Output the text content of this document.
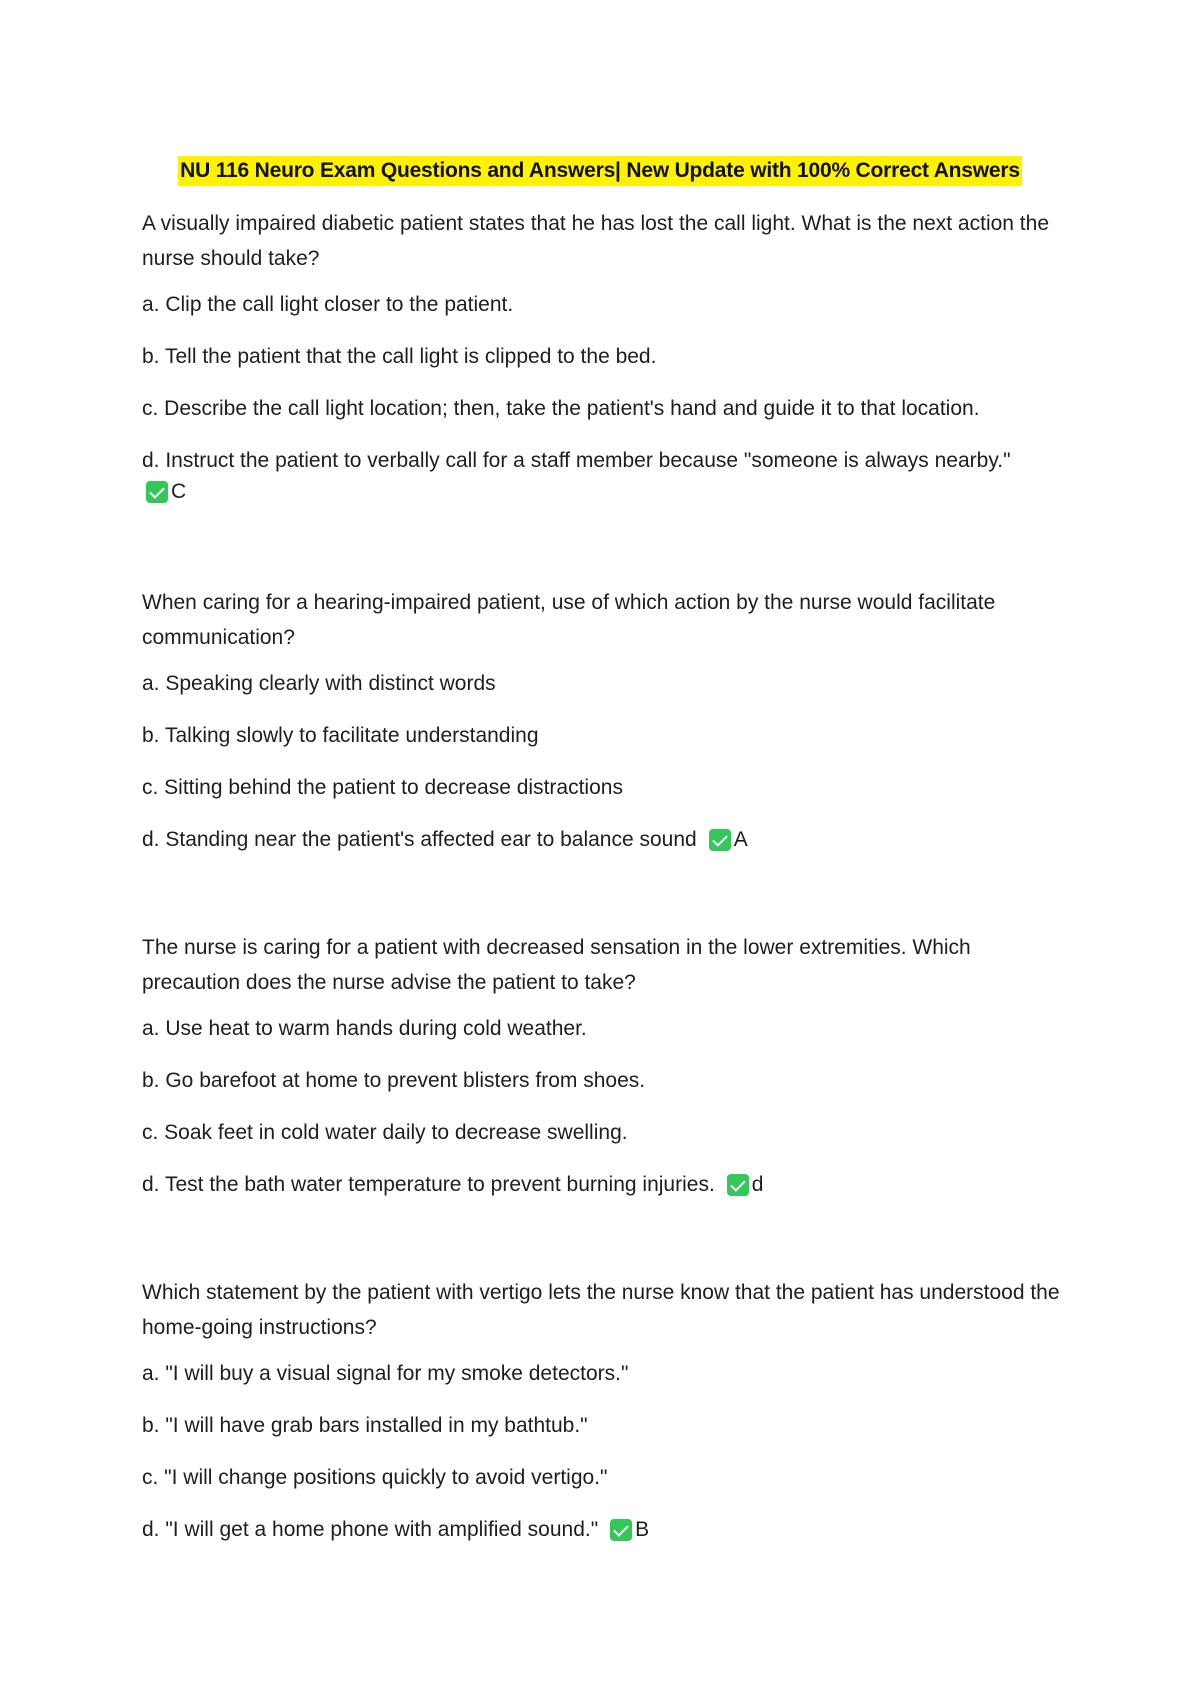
NU 116 Neuro Exam Questions and Answers| New Update with 100% Correct Answers

A visually impaired diabetic patient states that he has lost the call light. What is the next action the nurse should take?

a. Clip the call light closer to the patient.

b. Tell the patient that the call light is clipped to the bed.

c. Describe the call light location; then, take the patient's hand and guide it to that location.

d. Instruct the patient to verbally call for a staff member because "someone is always nearby."

C

When caring for a hearing-impaired patient, use of which action by the nurse would facilitate communication?

a. Speaking clearly with distinct words

b. Talking slowly to facilitate understanding

c. Sitting behind the patient to decrease distractions

d. Standing near the patient's affected ear to balance sound A

The nurse is caring for a patient with decreased sensation in the lower extremities. Which precaution does the nurse advise the patient to take?

a. Use heat to warm hands during cold weather.

b. Go barefoot at home to prevent blisters from shoes.

c. Soak feet in cold water daily to decrease swelling.

d. Test the bath water temperature to prevent burning injuries. d

Which statement by the patient with vertigo lets the nurse know that the patient has understood the home-going instructions?

a. "I will buy a visual signal for my smoke detectors."

b. "I will have grab bars installed in my bathtub."

c. "I will change positions quickly to avoid vertigo."

d. "I will get a home phone with amplified sound." B
